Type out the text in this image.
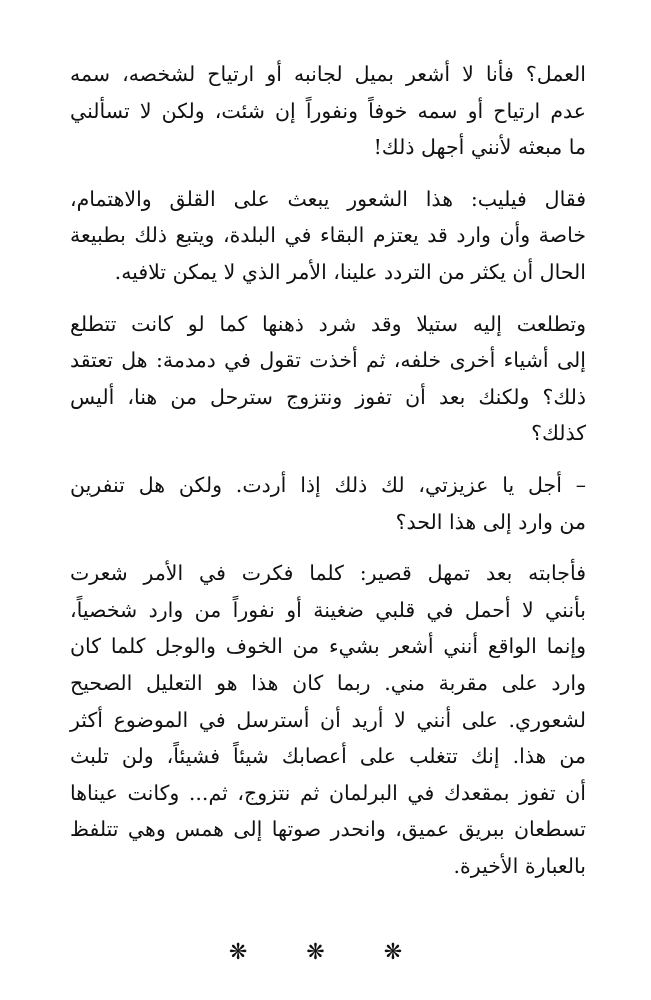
العمل؟ فأنا لا أشعر بميل لجانبه أو ارتياح لشخصه، سمه
عدم ارتياح أو سمه خوفاً ونفوراً إن شئت، ولكن لا تسألني
ما مبعثه لأنني أجهل ذلك!
فقال فيليب: هذا الشعور يبعث على القلق والاهتمام،
خاصة وأن وارد قد يعتزم البقاء في البلدة، ويتبع ذلك بطبيعة
الحال أن يكثر من التردد علينا، الأمر الذي لا يمكن تلافيه.
وتطلعت إليه ستيلا وقد شرد ذهنها كما لو كانت تتطلع
إلى أشياء أخرى خلفه، ثم أخذت تقول في دمدمة: هل تعتقد
ذلك؟ ولكنك بعد أن تفوز ونتزوج سترحل من هنا، أليس
كذلك؟
– أجل يا عزيزتي، لك ذلك إذا أردت. ولكن هل تنفرين
من وارد إلى هذا الحد؟
فأجابته بعد تمهل قصير: كلما فكرت في الأمر شعرت
بأنني لا أحمل في قلبي ضغينة أو نفوراً من وارد شخصياً،
وإنما الواقع أنني أشعر بشيء من الخوف والوجل كلما كان
وارد على مقربة مني. ربما كان هذا هو التعليل الصحيح
لشعوري. على أنني لا أريد أن أسترسل في الموضوع أكثر
من هذا. إنك تتغلب على أعصابك شيئاً فشيئاً، ولن تلبث
أن تفوز بمقعدك في البرلمان ثم نتزوج، ثم... وكانت عيناها
تسطعان ببريق عميق، وانحدر صوتها إلى همس وهي تتلفظ
بالعبارة الأخيرة.
❋ ❋ ❋
